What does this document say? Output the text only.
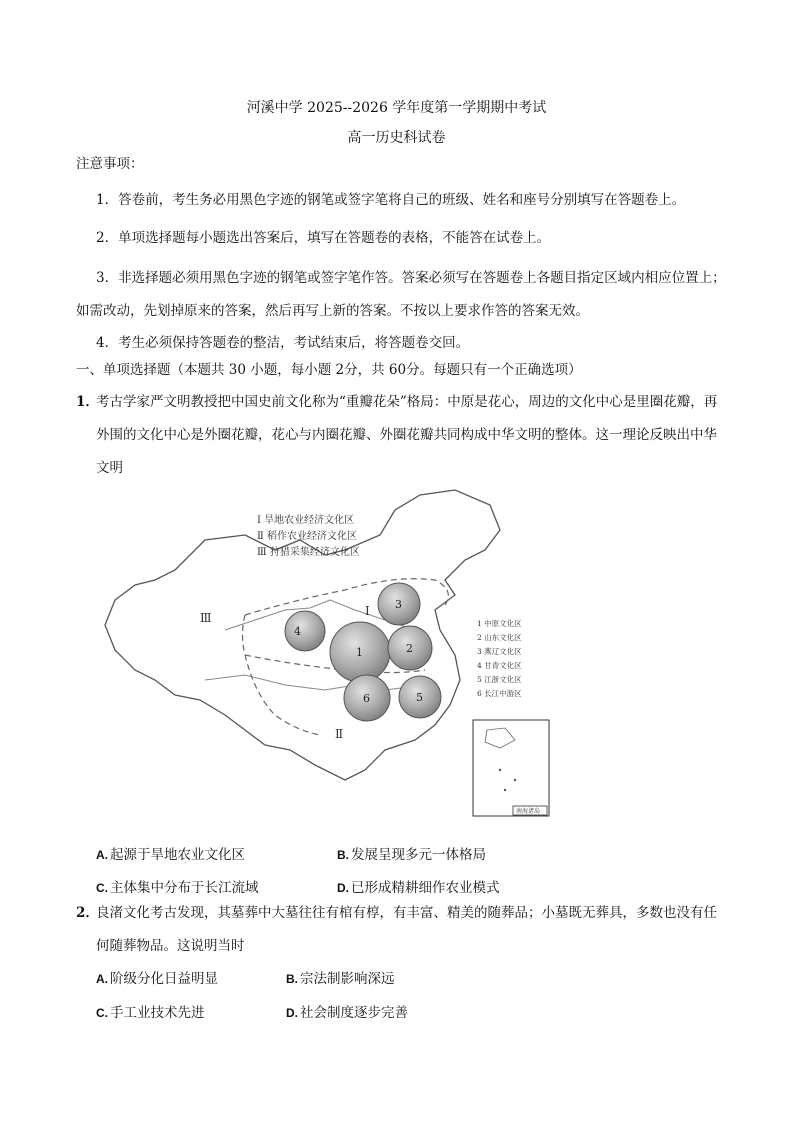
河溪中学 2025--2026 学年度第一学期期中考试
高一历史科试卷
注意事项：
1．答卷前，考生务必用黑色字迹的钢笔或签字笔将自己的班级、姓名和座号分别填写在答题卷上。
2．单项选择题每小题选出答案后，填写在答题卷的表格，不能答在试卷上。
3．非选择题必须用黑色字迹的钢笔或签字笔作答。答案必须写在答题卷上各题目指定区域内相应位置上；如需改动，先划掉原来的答案，然后再写上新的答案。不按以上要求作答的答案无效。
4．考生必须保持答题卷的整洁，考试结束后，将答题卷交回。
一、单项选择题（本题共 30 小题，每小题 2分，共 60分。每题只有一个正确选项）
1．
考古学家严文明教授把中国史前文化称为“重瓣花朵”格局：中原是花心，周边的文化中心是里圈花瓣，再外围的文化中心是外圈花瓣，花心与内圈花瓣、外圈花瓣共同构成中华文明的整体。这一理论反映出中华文明
Ⅰ 旱地农业经济文化区
Ⅱ 稻作农业经济文化区
Ⅲ 狩猎采集经济文化区
Ⅰ
Ⅱ
Ⅲ
1	2
3
4
5
6
1 中原文化区
2 山东文化区
3 燕辽文化区
4 甘青文化区
5 江浙文化区
6 长江中游区
南海诸岛
A. 起源于旱地农业文化区	B. 发展呈现多元一体格局
C. 主体集中分布于长江流域	D. 已形成精耕细作农业模式
2．
良渚文化考古发现，其墓葬中大墓往往有棺有椁，有丰富、精美的随葬品；小墓既无葬具，多数也没有任何随葬物品。这说明当时
A. 阶级分化日益明显	B. 宗法制影响深远
C. 手工业技术先进	D. 社会制度逐步完善
